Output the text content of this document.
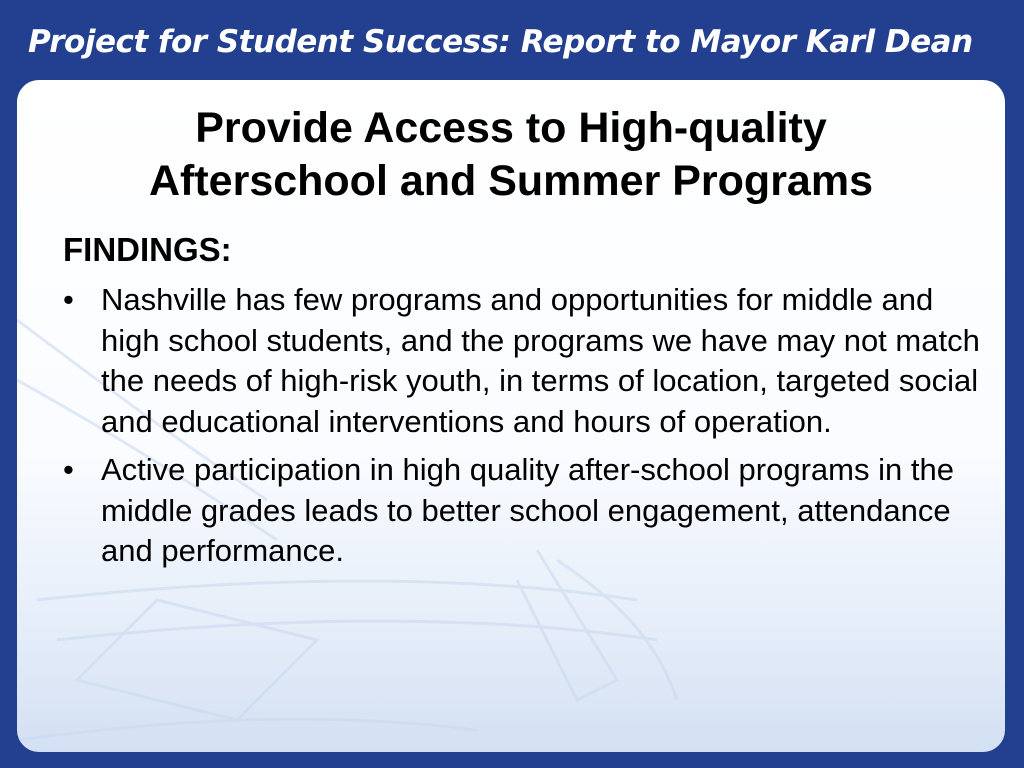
Project for Student Success: Report to Mayor Karl Dean
Provide Access to High-quality
Afterschool and Summer Programs
FINDINGS:
• Nashville has few programs and opportunities for middle and high school students, and the programs we have may not match the needs of high-risk youth, in terms of location, targeted social and educational interventions and hours of operation.
• Active participation in high quality after-school programs in the middle grades leads to better school engagement, attendance and performance.
